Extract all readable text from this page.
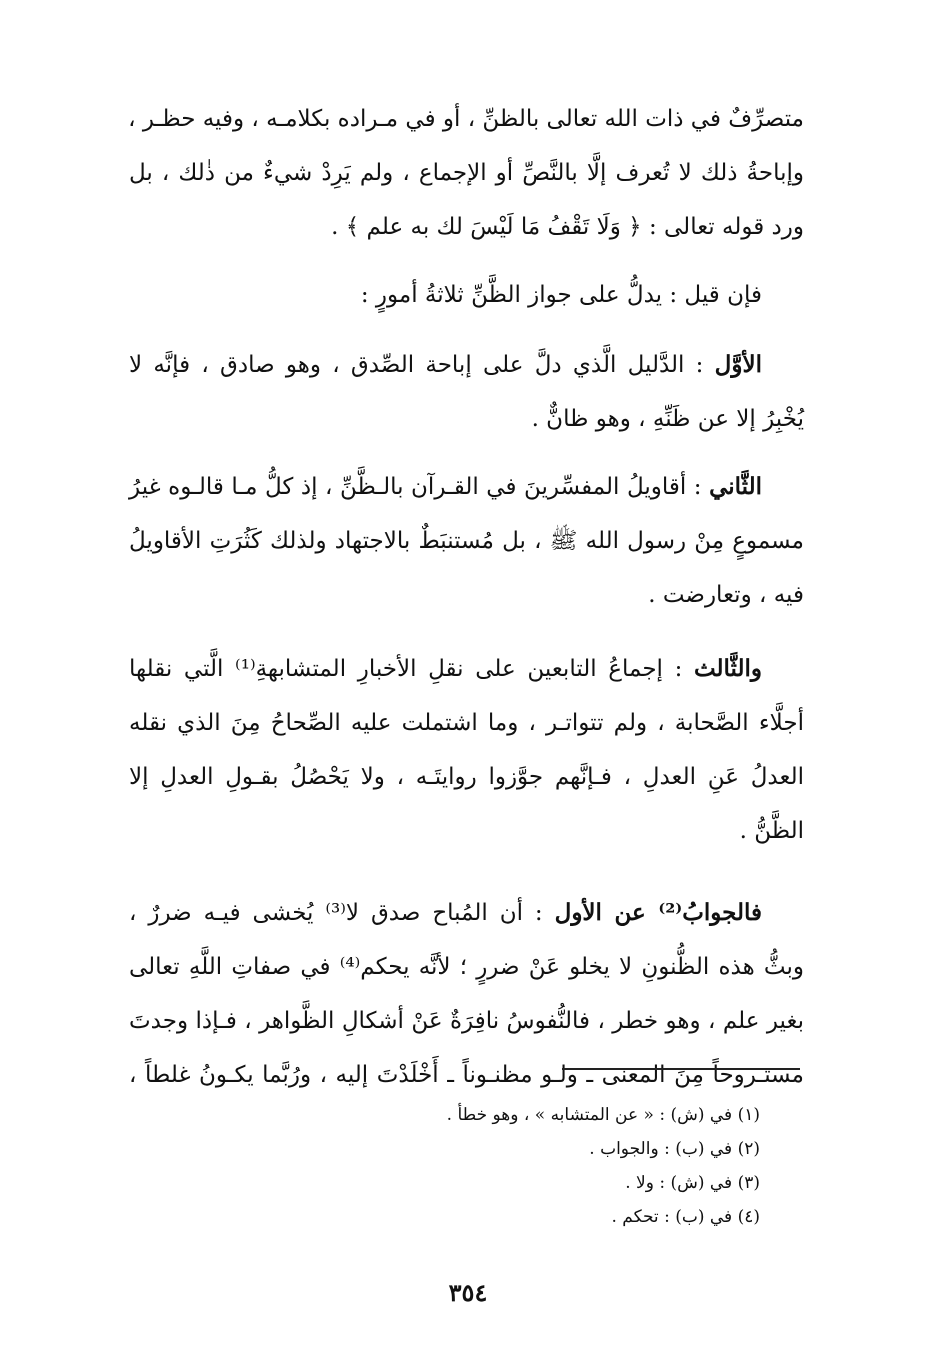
متصرِّفٌ في ذات الله تعالى بالظنِّ ، أو في مـراده بكلامـه ، وفيه حظـر ،
وإباحةُ ذلك لا تُعرف إلَّا بالنَّصِّ أو الإجماع ، ولم يَرِدْ شيءٌ من ذٰلك ، بل
ورد قوله تعالى : ﴿ وَلَا تَقْفُ مَا لَيْسَ لك به علم ﴾ .
فإن قيل : يدلُّ على جواز الظَّنِّ ثلاثةُ أمورٍ :
الأوَّل : الدَّليل الَّذي دلَّ على إباحة الصِّدق ، وهو صادق ، فإنَّه لا
يُخْبِرُ إلا عن ظَنِّهِ ، وهو ظانٌّ .
الثَّاني : أقاويلُ المفسِّرينَ في القـرآن بالـظَّنِّ ، إذ كلُّ مـا قالـوه غيرُ
مسموعٍ مِنْ رسول الله ﷺ ، بل مُستنبَطٌ بالاجتهاد ولذلك كَثُرَتِ الأقاويلُ
فيه ، وتعارضت .
والثَّالث : إجماعُ التابعين على نقلِ الأخبارِ المتشابهةِ⁽¹⁾ الَّتي نقلها
أجلَّاء الصَّحابة ، ولم تتواتـر ، وما اشتملت عليه الصِّحاحُ مِنَ الذي نقله
العدلُ عَنِ العدلِ ، فـإنَّهم جوَّزوا روايتَـه ، ولا يَحْصُلُ بقـولِ العدلِ إلا
الظَّنُّ .
فالجوابُ⁽²⁾ عن الأول : أن المُباح صدق لا⁽³⁾ يُخشى فيـه ضررٌ ،
وبثُّ هذه الظُّنونِ لا يخلو عَنْ ضررٍ ؛ لأنَّه يحكم⁽⁴⁾ في صفاتِ اللَّهِ تعالى
بغير علم ، وهو خطر ، فالنُّفوسُ نافِرَةٌ عَنْ أشكالِ الظَّواهر ، فـإذا وجدتَ
مستـروحاً مِنَ المعنى ـ ولـو مظنـوناً ـ أَخْلَدْتَ إليه ، ورُبَّما يكـونُ غلطاً ،
(١) في (ش) : « عن المتشابه » ، وهو خطأ .
(٢) في (ب) : والجواب .
(٣) في (ش) : ولا .
(٤) في (ب) : تحكم .
٣٥٤
